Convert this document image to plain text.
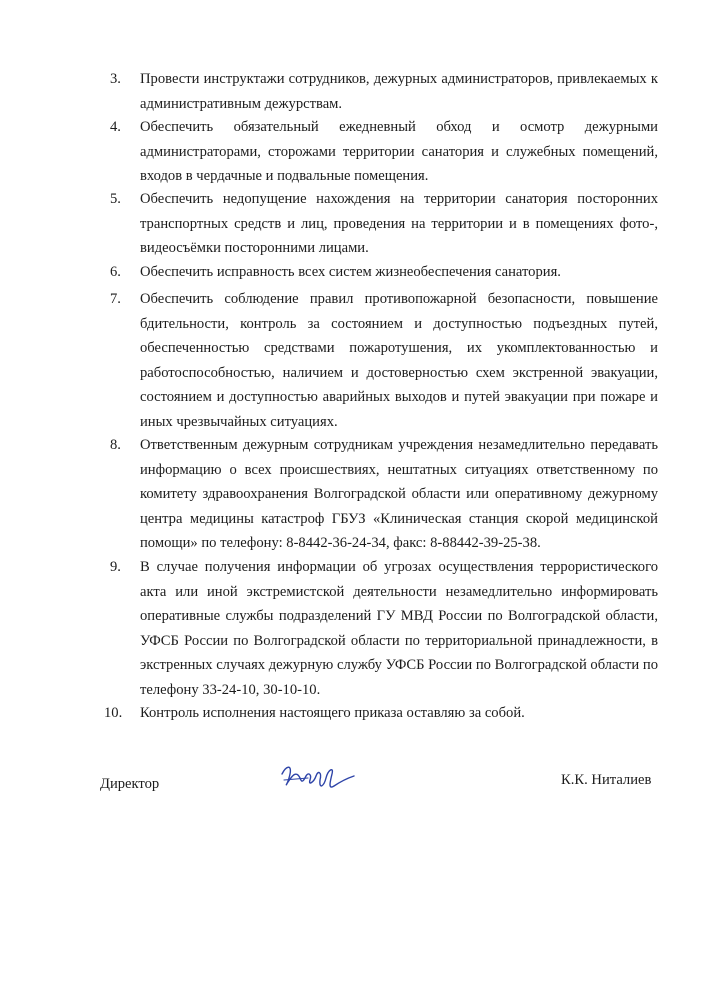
3.	Провести инструктажи сотрудников, дежурных администраторов, привлекаемых к административным дежурствам.
4.	Обеспечить обязательный ежедневный обход и осмотр дежурными администраторами, сторожами территории санатория и служебных помещений, входов в чердачные и подвальные помещения.
5.	Обеспечить недопущение нахождения на территории санатория посторонних транспортных средств и лиц, проведения на территории и в помещениях фото-, видеосъёмки посторонними лицами.
6.	Обеспечить исправность всех систем жизнеобеспечения санатория.
7.	Обеспечить соблюдение правил противопожарной безопасности, повышение бдительности, контроль за состоянием и доступностью подъездных путей, обеспеченностью средствами пожаротушения, их укомплектованностью и работоспособностью, наличием и достоверностью схем экстренной эвакуации, состоянием и доступностью аварийных выходов и путей эвакуации при пожаре и иных чрезвычайных ситуациях.
8.	Ответственным дежурным сотрудникам учреждения незамедлительно передавать информацию о всех происшествиях, нештатных ситуациях ответственному по комитету здравоохранения Волгоградской области или оперативному дежурному центра медицины катастроф ГБУЗ «Клиническая станция скорой медицинской помощи» по телефону: 8-8442-36-24-34, факс: 8-88442-39-25-38.
9.	В случае получения информации об угрозах осуществления террористического акта или иной экстремистской деятельности незамедлительно информировать оперативные службы подразделений ГУ МВД России по Волгоградской области, УФСБ России по Волгоградской области по территориальной принадлежности, в экстренных случаях дежурную службу УФСБ России по Волгоградской области по телефону 33-24-10, 30-10-10.
10.	Контроль исполнения настоящего приказа оставляю за собой.
Директор	К.К. Ниталиев
